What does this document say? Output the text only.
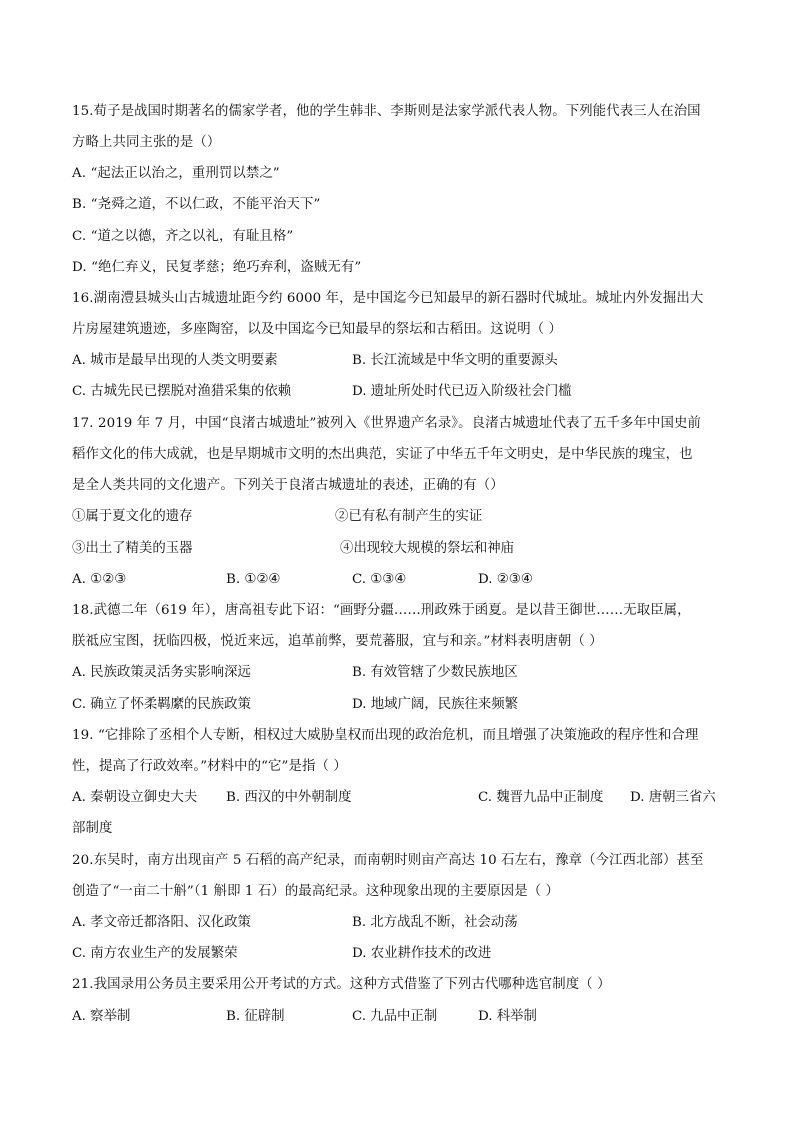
15.荀子是战国时期著名的儒家学者，他的学生韩非、李斯则是法家学派代表人物。下列能代表三人在治国
方略上共同主张的是（）
A. “起法正以治之，重刑罚以禁之”
B. “尧舜之道，不以仁政，不能平治天下”
C. “道之以德，齐之以礼，有耻且格”
D. “绝仁弃义，民复孝慈；绝巧弃利，盗贼无有”
16.湖南澧县城头山古城遗址距今约 6000 年，是中国迄今已知最早的新石器时代城址。城址内外发掘出大
片房屋建筑遗迹，多座陶窑，以及中国迄今已知最早的祭坛和古稻田。这说明（ ）
A. 城市是最早出现的人类文明要素	B. 长江流域是中华文明的重要源头
C. 古城先民已摆脱对渔猎采集的依赖	D. 遗址所处时代已迈入阶级社会门槛
17. 2019 年 7 月，中国“良渚古城遗址”被列入《世界遗产名录》。良渚古城遗址代表了五千多年中国史前
稻作文化的伟大成就，也是早期城市文明的杰出典范，实证了中华五千年文明史，是中华民族的瑰宝，也
是全人类共同的文化遗产。下列关于良渚古城遗址的表述，正确的有（）
①属于夏文化的遗存	②已有私有制产生的实证
③出土了精美的玉器	④出现较大规模的祭坛和神庙
A. ①②③	B. ①②④	C. ①③④	D. ②③④
18.武德二年（619 年），唐高祖专此下诏：“画野分疆……刑政殊于函夏。是以昔王御世……无取臣属，
朕祗应宝图，抚临四极，悦近来远，追革前弊，要荒蕃服，宜与和亲。”材料表明唐朝（ ）
A. 民族政策灵活务实影响深远	B. 有效管辖了少数民族地区
C. 确立了怀柔羁縻的民族政策	D. 地域广阔，民族往来频繁
19. “它排除了丞相个人专断，相权过大威胁皇权而出现的政治危机，而且增强了决策施政的程序性和合理
性，提高了行政效率。”材料中的“它”是指（ ）
A. 秦朝设立御史大夫 B. 西汉的中外朝制度	C. 魏晋九品中正制度 D. 唐朝三省六
部制度
20.东吴时，南方出现亩产 5 石稻的高产纪录，而南朝时则亩产高达 10 石左右，豫章（今江西北部）甚至
创造了“一亩二十斛”（1 斛即 1 石）的最高纪录。这种现象出现的主要原因是（ ）
A. 孝文帝迁都洛阳、汉化政策	B. 北方战乱不断，社会动荡
C. 南方农业生产的发展繁荣	D. 农业耕作技术的改进
21.我国录用公务员主要采用公开考试的方式。这种方式借鉴了下列古代哪种选官制度（ ）
A. 察举制	B. 征辟制	C. 九品中正制	D. 科举制
